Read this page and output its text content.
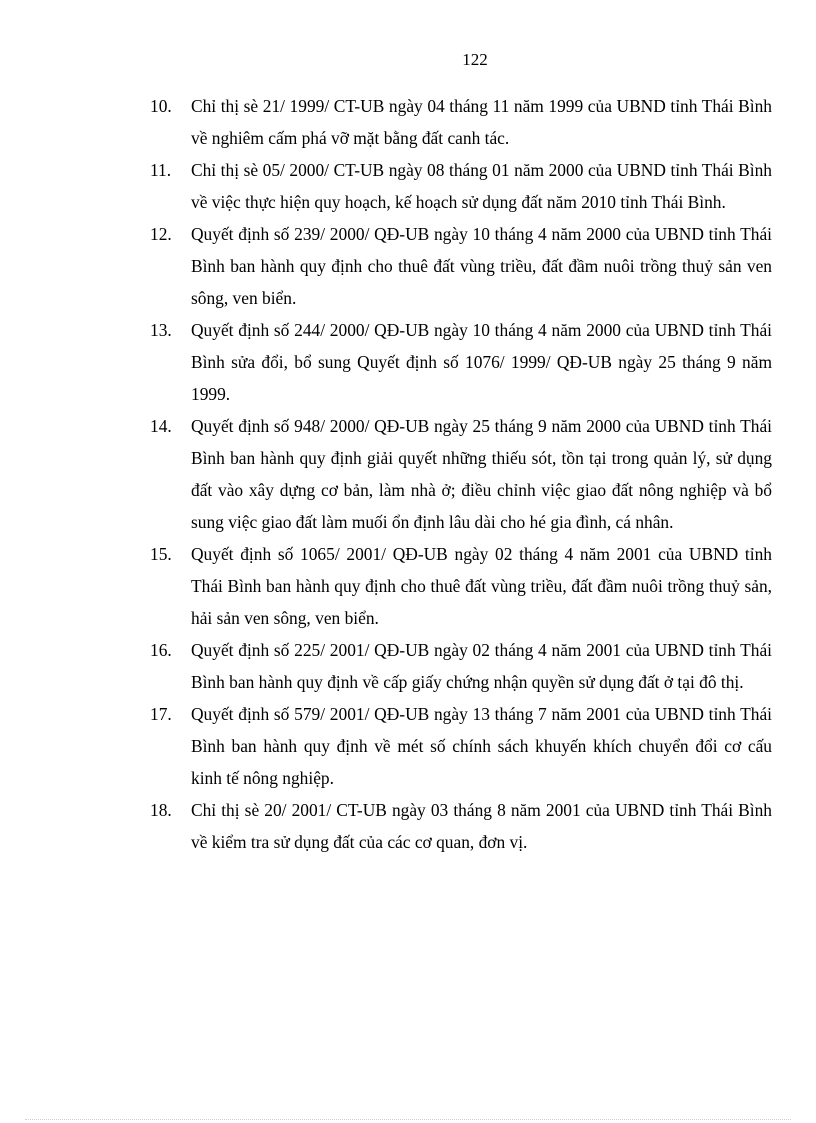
122
10. Chỉ thị sè 21/ 1999/ CT-UB ngày 04 tháng 11 năm 1999 của UBND tỉnh Thái Bình về nghiêm cấm phá vỡ mặt bằng đất canh tác.
11. Chỉ thị sè 05/ 2000/ CT-UB ngày 08 tháng 01 năm 2000 của UBND tỉnh Thái Bình về việc thực hiện quy hoạch, kế hoạch sử dụng đất năm 2010 tỉnh Thái Bình.
12. Quyết định số 239/ 2000/ QĐ-UB ngày 10 tháng 4 năm 2000 của UBND tỉnh Thái Bình ban hành quy định cho thuê đất vùng triều, đất đầm nuôi trồng thuỷ sản ven sông, ven biển.
13. Quyết định số 244/ 2000/ QĐ-UB ngày 10 tháng 4 năm 2000 của UBND tỉnh Thái Bình sửa đổi, bổ sung Quyết định số 1076/ 1999/ QĐ-UB ngày 25 tháng 9 năm 1999.
14. Quyết định số 948/ 2000/ QĐ-UB ngày 25 tháng 9 năm 2000 của UBND tỉnh Thái Bình ban hành quy định giải quyết những thiếu sót, tồn tại trong quản lý, sử dụng đất vào xây dựng cơ bản, làm nhà ở; điều chỉnh việc giao đất nông nghiệp và bổ sung việc giao đất làm muối ổn định lâu dài cho hé gia đình, cá nhân.
15. Quyết định số 1065/ 2001/ QĐ-UB ngày 02 tháng 4 năm 2001 của UBND tỉnh Thái Bình ban hành quy định cho thuê đất vùng triều, đất đầm nuôi trồng thuỷ sản, hải sản ven sông, ven biển.
16. Quyết định số 225/ 2001/ QĐ-UB ngày 02 tháng 4 năm 2001 của UBND tỉnh Thái Bình ban hành quy định về cấp giấy chứng nhận quyền sử dụng đất ở tại đô thị.
17. Quyết định số 579/ 2001/ QĐ-UB ngày 13 tháng 7 năm 2001 của UBND tỉnh Thái Bình ban hành quy định về mét số chính sách khuyến khích chuyển đổi cơ cấu kinh tế nông nghiệp.
18. Chỉ thị sè 20/ 2001/ CT-UB ngày 03 tháng 8 năm 2001 của UBND tỉnh Thái Bình về kiểm tra sử dụng đất của các cơ quan, đơn vị.
